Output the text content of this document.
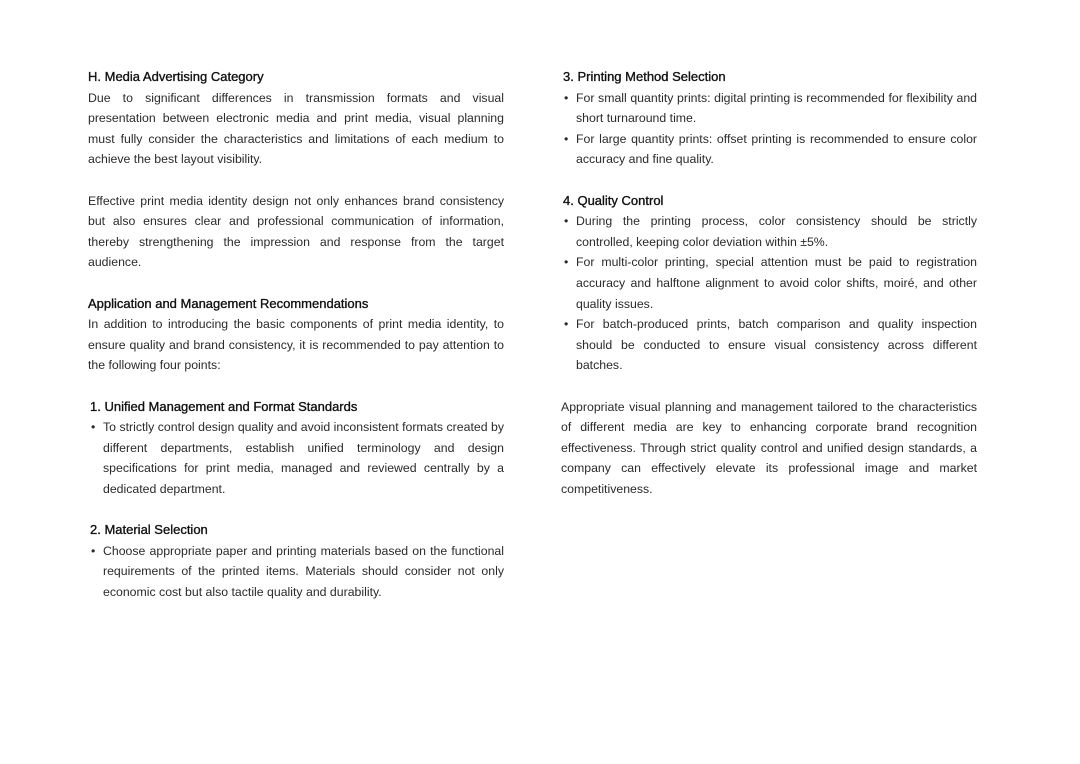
H. Media Advertising Category

Due to significant differences in transmission formats and visual presentation between electronic media and print media, visual planning must fully consider the characteristics and limitations of each medium to achieve the best layout visibility.

Effective print media identity design not only enhances brand consistency but also ensures clear and professional communication of information, thereby strengthening the impression and response from the target audience.

Application and Management Recommendations

In addition to introducing the basic components of print media identity, to ensure quality and brand consistency, it is recommended to pay attention to the following four points:

1. Unified Management and Format Standards

• To strictly control design quality and avoid inconsistent formats created by different departments, establish unified terminology and design specifications for print media, managed and reviewed centrally by a dedicated department.

2. Material Selection

• Choose appropriate paper and printing materials based on the functional requirements of the printed items. Materials should consider not only economic cost but also tactile quality and durability.

3. Printing Method Selection

• For small quantity prints: digital printing is recommended for flexibility and short turnaround time.

• For large quantity prints: offset printing is recommended to ensure color accuracy and fine quality.

4. Quality Control

• During the printing process, color consistency should be strictly controlled, keeping color deviation within ±5%.

• For multi-color printing, special attention must be paid to registration accuracy and halftone alignment to avoid color shifts, moiré, and other quality issues.

• For batch-produced prints, batch comparison and quality inspection should be conducted to ensure visual consistency across different batches.

Appropriate visual planning and management tailored to the characteristics of different media are key to enhancing corporate brand recognition effectiveness. Through strict quality control and unified design standards, a company can effectively elevate its professional image and market competitiveness.
